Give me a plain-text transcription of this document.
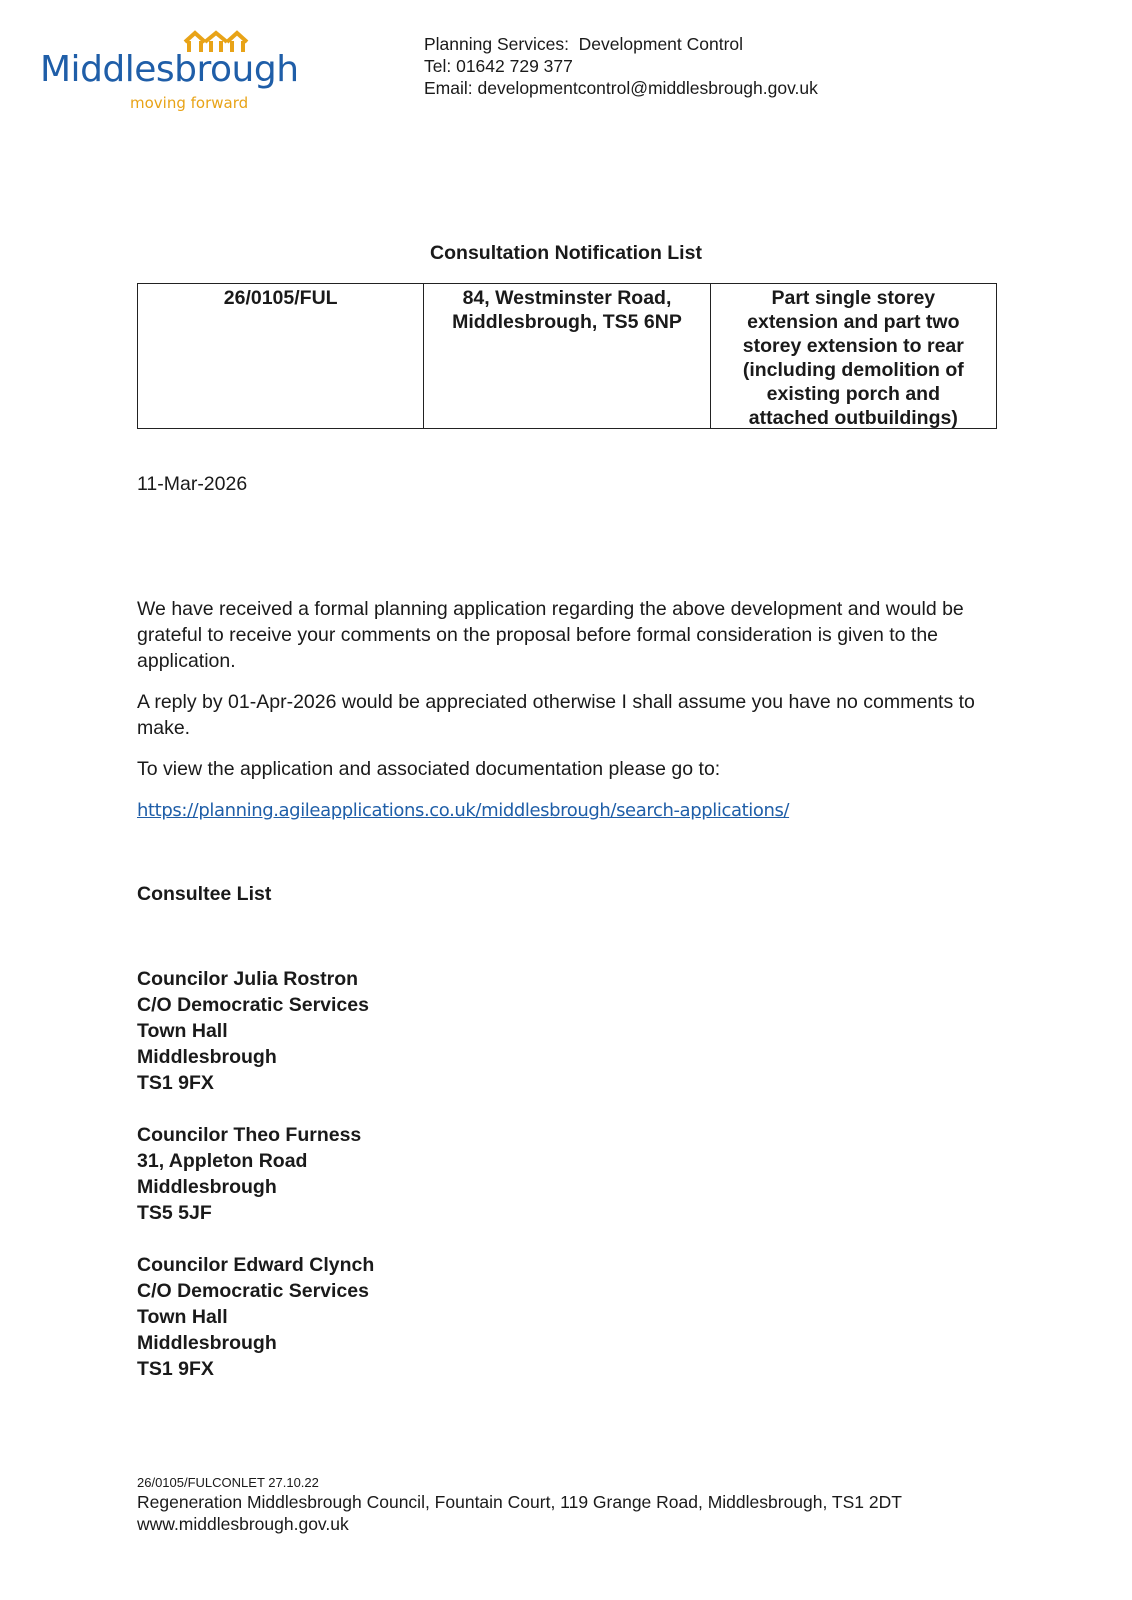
Middlesbrough
moving forward
Planning Services:  Development Control
Tel: 01642 729 377
Email: developmentcontrol@middlesbrough.gov.uk
Consultation Notification List
26/0105/FUL	84, Westminster Road, Middlesbrough, TS5 6NP
Part single storey extension and part two storey extension to rear (including demolition of existing porch and attached outbuildings)
11-Mar-2026

We have received a formal planning application regarding the above development and would be grateful to receive your comments on the proposal before formal consideration is given to the application.

A reply by 01-Apr-2026 would be appreciated otherwise I shall assume you have no comments to make.

To view the application and associated documentation please go to:

https://planning.agileapplications.co.uk/middlesbrough/search-applications/

Consultee List
Councilor Julia Rostron
C/O Democratic Services
Town Hall
Middlesbrough
TS1 9FX
Councilor Theo Furness
31, Appleton Road
Middlesbrough
TS5 5JF
Councilor Edward Clynch
C/O Democratic Services
Town Hall
Middlesbrough
TS1 9FX
26/0105/FULCONLET 27.10.22
Regeneration Middlesbrough Council, Fountain Court, 119 Grange Road, Middlesbrough, TS1 2DT
www.middlesbrough.gov.uk
